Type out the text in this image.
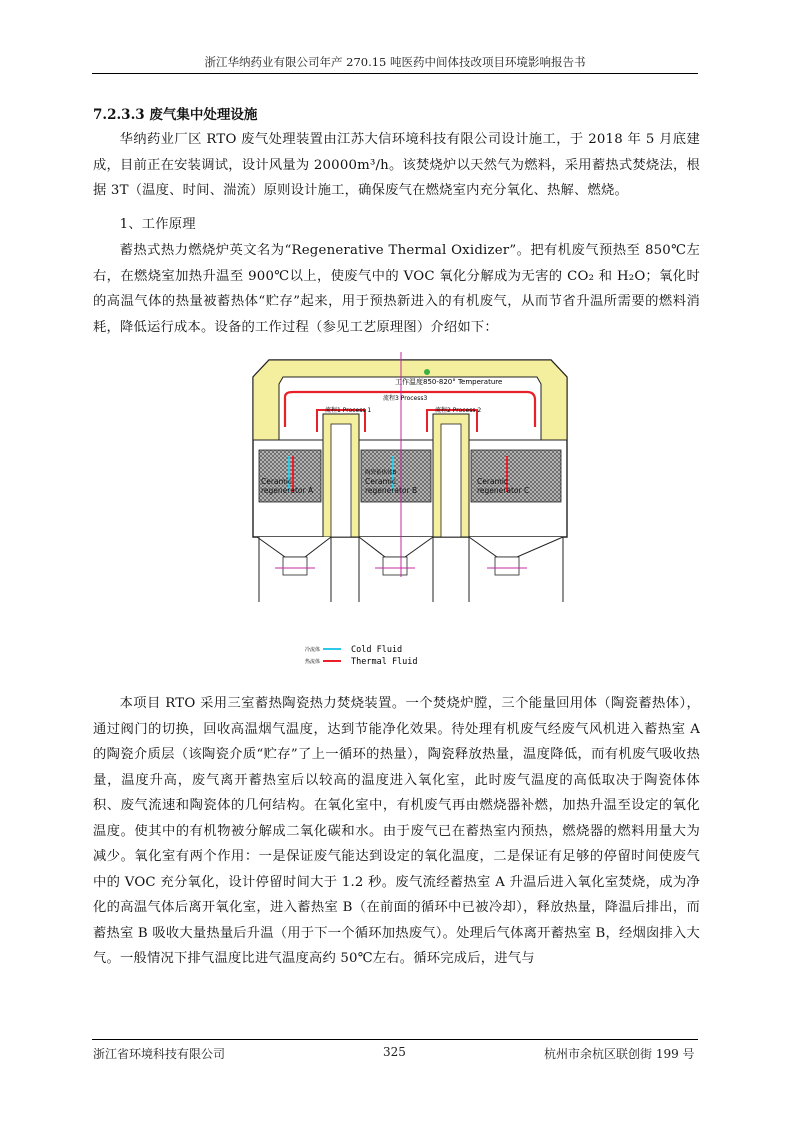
浙江华纳药业有限公司年产 270.15 吨医药中间体技改项目环境影响报告书
7.2.3.3 废气集中处理设施

华纳药业厂区 RTO 废气处理装置由江苏大信环境科技有限公司设计施工，于 2018 年 5 月底建成，目前正在安装调试，设计风量为 20000m³/h。该焚烧炉以天然气为燃料，采用蓄热式焚烧法，根据 3T（温度、时间、湍流）原则设计施工，确保废气在燃烧室内充分氧化、热解、燃烧。

1、工作原理

蓄热式热力燃烧炉英文名为“Regenerative Thermal Oxidizer”。把有机废气预热至 850℃左右，在燃烧室加热升温至 900℃以上，使废气中的 VOC 氧化分解成为无害的 CO₂ 和 H₂O；氧化时的高温气体的热量被蓄热体“贮存”起来，用于预热新进入的有机废气，从而节省升温所需要的燃料消耗，降低运行成本。设备的工作过程（参见工艺原理图）介绍如下：

工作温度850-820° Temperature
流程3 Process3
流程1 Process 1	流程2 Process 2
Ceramic regenerator A
陶瓷蓄热体B
Ceramic regenerator B
Ceramic regenerator C
冷流体	Cold Fluid
热流体	Thermal Fluid

本项目 RTO 采用三室蓄热陶瓷热力焚烧装置。一个焚烧炉膛，三个能量回用体（陶瓷蓄热体），通过阀门的切换，回收高温烟气温度，达到节能净化效果。待处理有机废气经废气风机进入蓄热室 A 的陶瓷介质层（该陶瓷介质“贮存”了上一循环的热量），陶瓷释放热量，温度降低，而有机废气吸收热量，温度升高，废气离开蓄热室后以较高的温度进入氧化室，此时废气温度的高低取决于陶瓷体体积、废气流速和陶瓷体的几何结构。在氧化室中，有机废气再由燃烧器补燃，加热升温至设定的氧化温度。使其中的有机物被分解成二氧化碳和水。由于废气已在蓄热室内预热，燃烧器的燃料用量大为减少。氧化室有两个作用：一是保证废气能达到设定的氧化温度，二是保证有足够的停留时间使废气中的 VOC 充分氧化，设计停留时间大于 1.2 秒。废气流经蓄热室 A 升温后进入氧化室焚烧，成为净化的高温气体后离开氧化室，进入蓄热室 B（在前面的循环中已被冷却），释放热量，降温后排出，而蓄热室 B 吸收大量热量后升温（用于下一个循环加热废气）。处理后气体离开蓄热室 B，经烟囱排入大气。一般情况下排气温度比进气温度高约 50℃左右。循环完成后，进气与

浙江省环境科技有限公司	325	杭州市余杭区联创街 199 号
